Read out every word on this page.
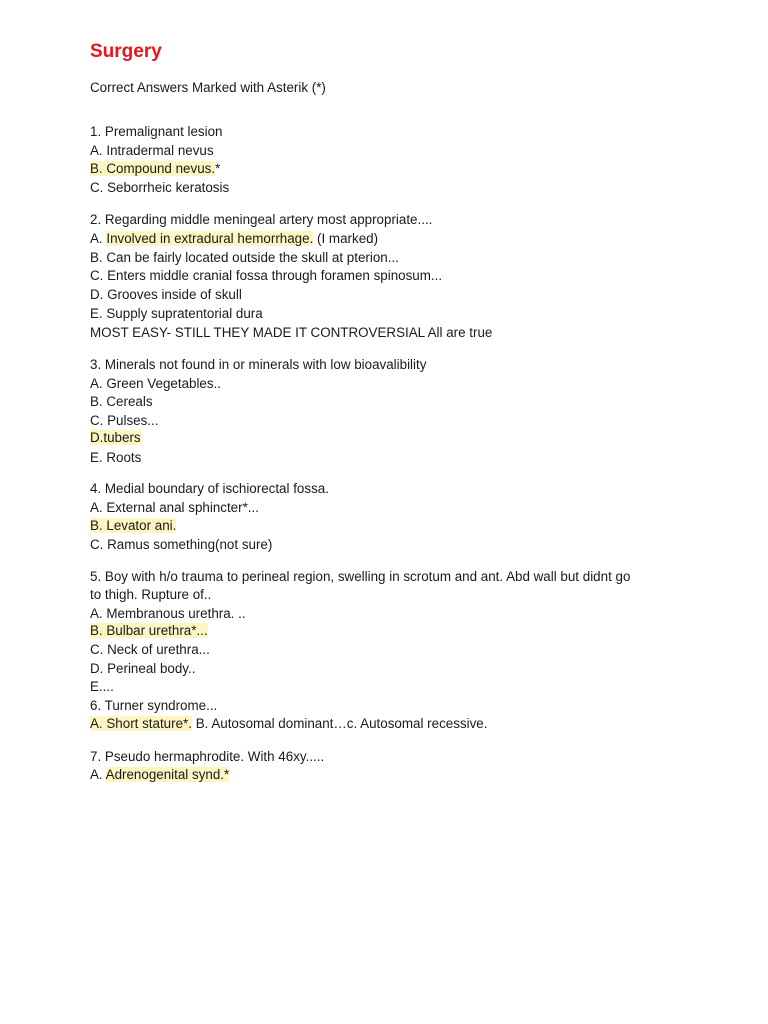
Surgery
Correct Answers Marked with Asterik (*)
1. Premalignant lesion
A. Intradermal nevus
B. Compound nevus.*
C. Seborrheic keratosis
2. Regarding middle meningeal artery most appropriate....
A. Involved in extradural hemorrhage. (I marked)
B. Can be fairly located outside the skull at pterion...
C. Enters middle cranial fossa through foramen spinosum...
D. Grooves inside of skull
E. Supply supratentorial dura
MOST EASY- STILL THEY MADE IT CONTROVERSIAL All are true
3. Minerals not found in or minerals with low bioavalibility
A. Green Vegetables..
B. Cereals
C. Pulses...
D.tubers
E. Roots
4. Medial boundary of ischiorectal fossa.
A. External anal sphincter*...
B. Levator ani.
C. Ramus something(not sure)
5. Boy with h/o trauma to perineal region, swelling in scrotum and ant. Abd wall but didnt go
to thigh. Rupture of..
A. Membranous urethra. ..
B. Bulbar urethra*...
C. Neck of urethra...
D. Perineal body..
E....
6. Turner syndrome...
A. Short stature*. B. Autosomal dominant…c. Autosomal recessive.
7. Pseudo hermaphrodite. With 46xy.....
A. Adrenogenital synd.*
